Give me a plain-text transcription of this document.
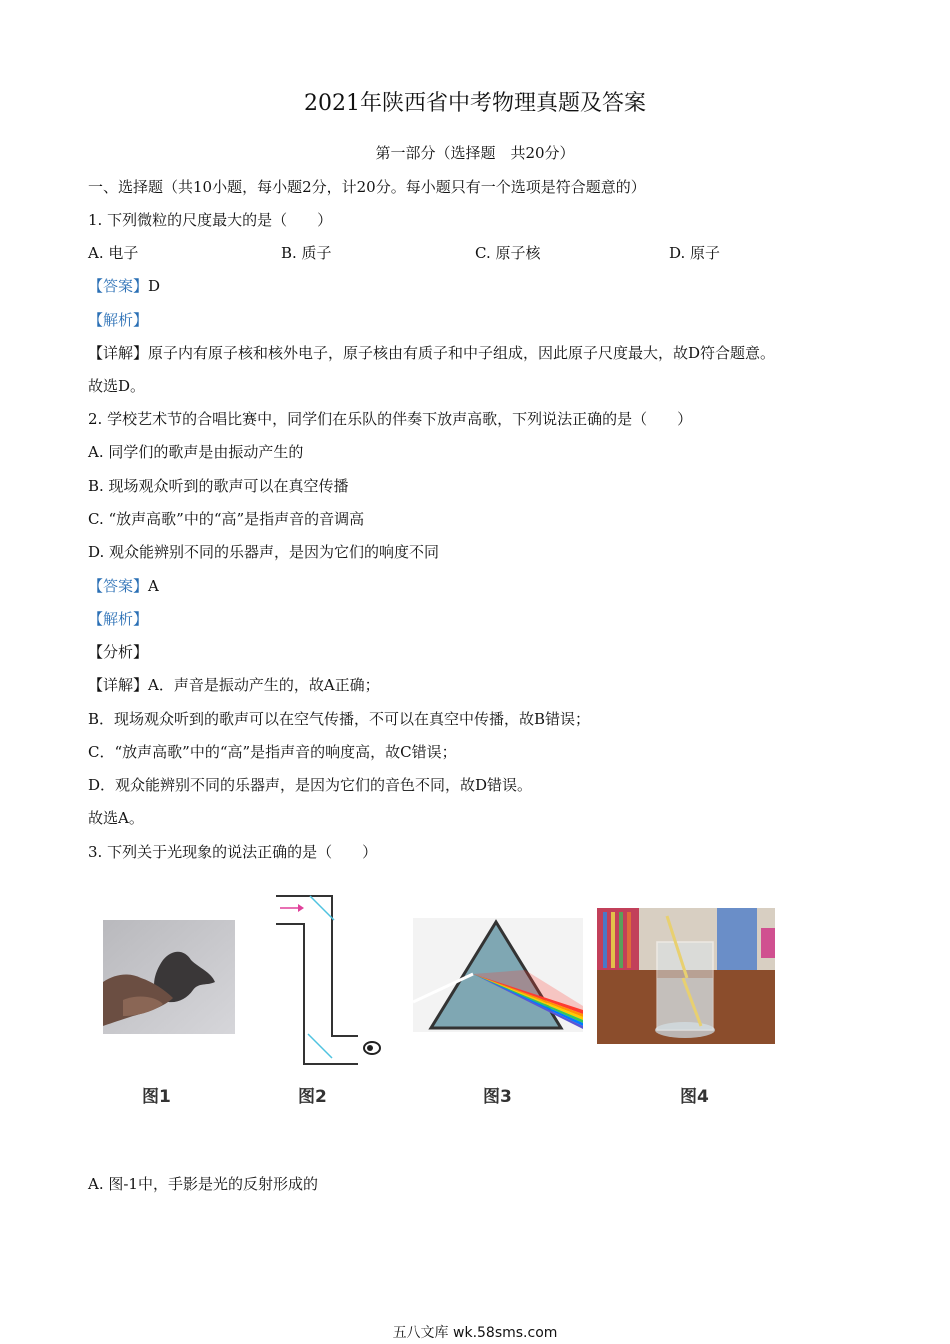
2021年陕西省中考物理真题及答案
第一部分（选择题　共20分）
一、选择题（共10小题，每小题2分，计20分。每小题只有一个选项是符合题意的）
1. 下列微粒的尺度最大的是（　　）
A. 电子	B. 质子	C. 原子核	D. 原子
【答案】D
【解析】
【详解】原子内有原子核和核外电子，原子核由有质子和中子组成，因此原子尺度最大，故D符合题意。
故选D。
2. 学校艺术节的合唱比赛中，同学们在乐队的伴奏下放声高歌，下列说法正确的是（　　）
A. 同学们的歌声是由振动产生的
B. 现场观众听到的歌声可以在真空传播
C. “放声高歌”中的“高”是指声音的音调高
D. 观众能辨别不同的乐器声，是因为它们的响度不同
【答案】A
【解析】
【分析】
【详解】A．声音是振动产生的，故A正确；
B．现场观众听到的歌声可以在空气传播，不可以在真空中传播，故B错误；
C．“放声高歌”中的“高”是指声音的响度高，故C错误；
D．观众能辨别不同的乐器声，是因为它们的音色不同，故D错误。
故选A。
3. 下列关于光现象的说法正确的是（　　）
图1	图2	图3	图4
A. 图-1中，手影是光的反射形成的
五八文库 wk.58sms.com
